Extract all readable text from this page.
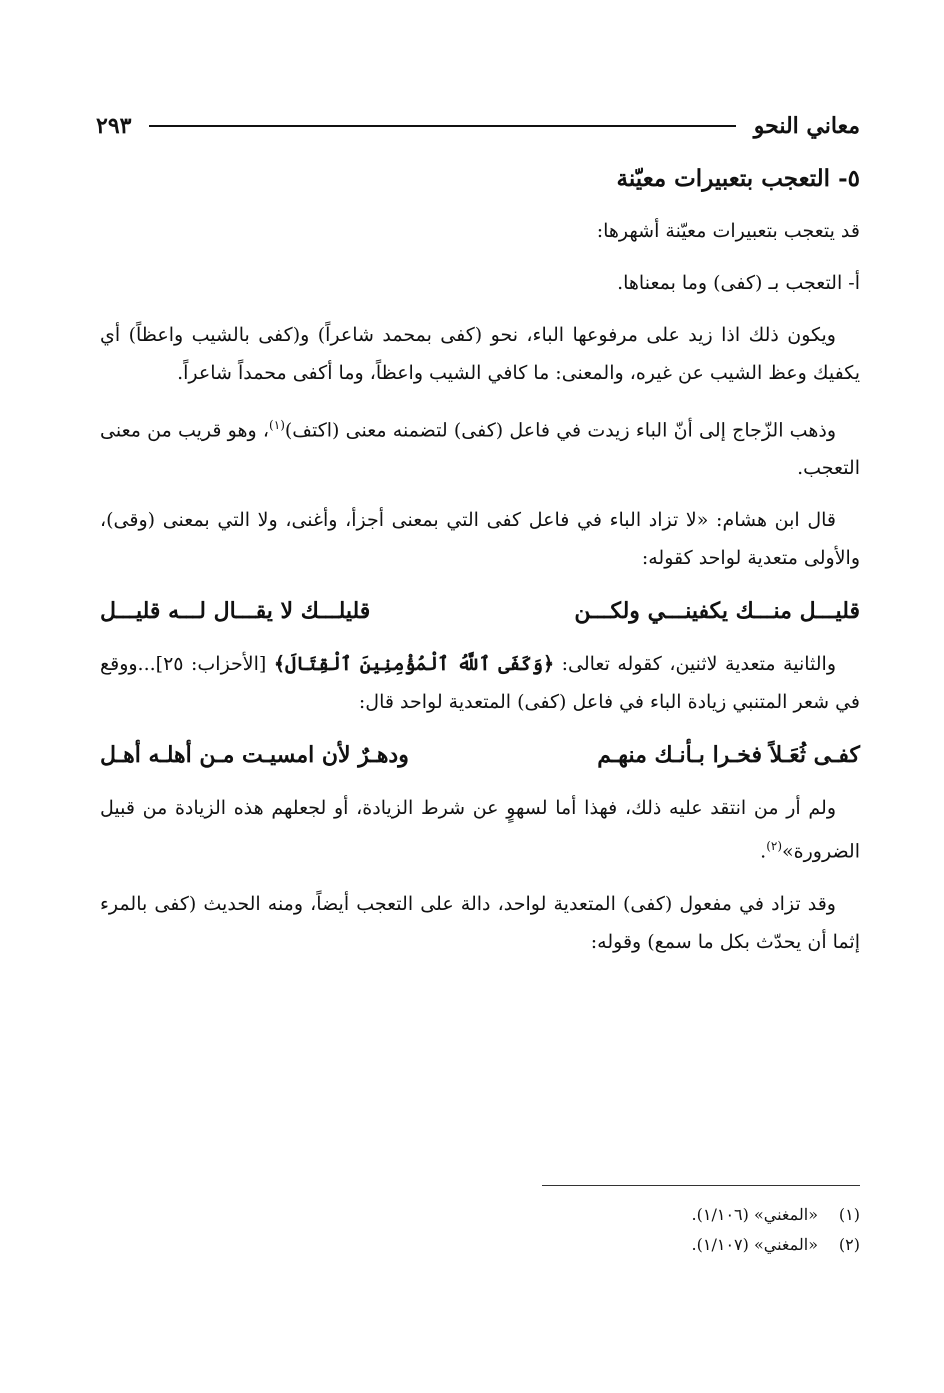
معاني النحو
٢٩٣

٥- التعجب بتعبيرات معيّنة

قد يتعجب بتعبيرات معيّنة أشهرها:

أ- التعجب بـ (كفى) وما بمعناها.

ويكون ذلك اذا زيد على مرفوعها الباء، نحو (كفى بمحمد شاعراً) و(كفى بالشيب واعظاً) أي يكفيك وعظ الشيب عن غيره، والمعنى: ما كافي الشيب واعظاً، وما أكفى محمداً شاعراً.

وذهب الزّجاج إلى أنّ الباء زيدت في فاعل (كفى) لتضمنه معنى (اكتف)$^{(١)}$، وهو قريب من معنى التعجب.

قال ابن هشام: «لا تزاد الباء في فاعل كفى التي بمعنى أجزأ، وأغنى، ولا التي بمعنى (وقى)، والأولى متعدية لواحد كقوله:

قليـــل منـــك يكفينـــي ولكـــن
قليلـــك لا يقـــال لـــه قليـــل

والثانية متعدية لاثنين، كقوله تعالى: ﴿وَكَفَى ٱللَّهُ ٱلْمُؤْمِنِينَ ٱلْقِتَالَ﴾ [الأحزاب: ٢٥]...ووقع في شعر المتنبي زيادة الباء في فاعل (كفى) المتعدية لواحد قال:

كفـى ثُعَـلاً فخـرا بـأنـك منهـم
ودهـرٌ لأن امسيـت مـن أهلـه أهـل

ولم أر من انتقد عليه ذلك، فهذا أما لسهوٍ عن شرط الزيادة، أو لجعلهم هذه الزيادة من قبيل الضرورة»$^{(٢)}$.

وقد تزاد في مفعول (كفى) المتعدية لواحد، دالة على التعجب أيضاً، ومنه الحديث (كفى بالمرء إثما أن يحدّث بكل ما سمع) وقوله:

(١)
«المغني» (١/١٠٦).
(٢)
«المغني» (١/١٠٧).
